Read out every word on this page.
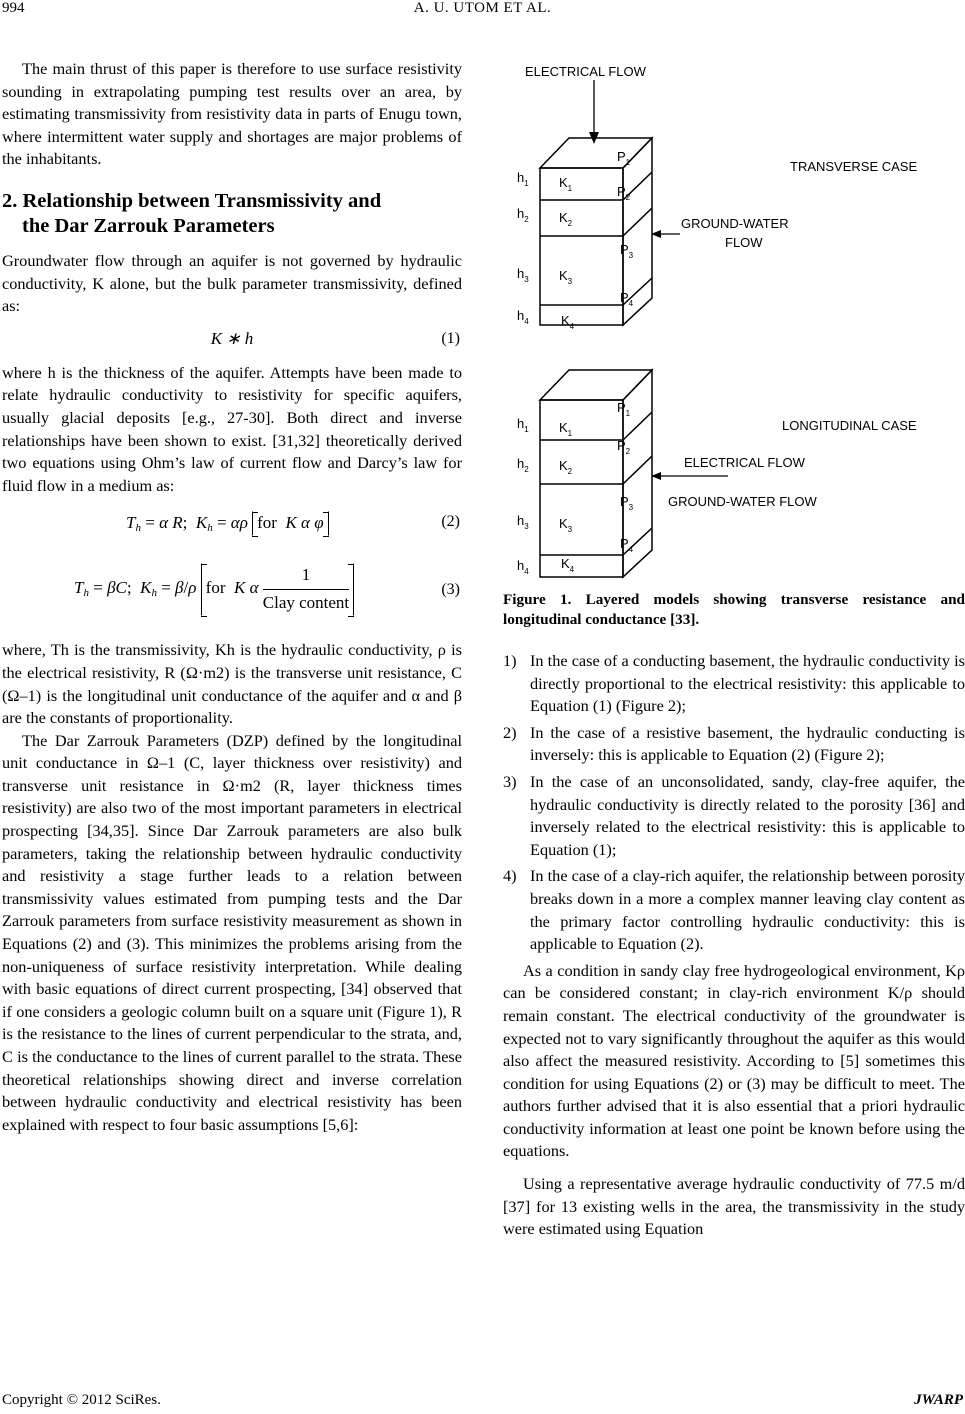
994	A. U. UTOM ET AL.

The main thrust of this paper is therefore to use surface resistivity sounding in extrapolating pumping test results over an area, by estimating transmissivity from resistivity data in parts of Enugu town, where intermittent water supply and shortages are major problems of the inhabitants.

2. Relationship between Transmissivity and
the Dar Zarrouk Parameters

Groundwater flow through an aquifer is not governed by hydraulic conductivity, K alone, but the bulk parameter transmissivity, defined as:

K ∗ h	(1)

where h is the thickness of the aquifer. Attempts have been made to relate hydraulic conductivity to resistivity for specific aquifers, usually glacial deposits [e.g., 27-30]. Both direct and inverse relationships have been shown to exist. [31,32] theoretically derived two equations using Ohm’s law of current flow and Darcy’s law for fluid flow in a medium as:

$T_h = \alpha$ R;  $K_h = \alpha\rho$ for  K α φ	(2)
$T_h = \beta C$;  $K_h = \beta/\rho$ for  K α $\frac{1}{\text{Clay content}}$	(3)

where, Th is the transmissivity, Kh is the hydraulic conductivity, ρ is the electrical resistivity, R (Ω·m2) is the transverse unit resistance, C (Ω–1) is the longitudinal unit conductance of the aquifer and α and β are the constants of proportionality.

The Dar Zarrouk Parameters (DZP) defined by the longitudinal unit conductance in Ω–1 (C, layer thickness over resistivity) and transverse unit resistance in Ω·m2 (R, layer thickness times resistivity) are also two of the most important parameters in electrical prospecting [34,35]. Since Dar Zarrouk parameters are also bulk parameters, taking the relationship between hydraulic conductivity and resistivity a stage further leads to a relation between transmissivity values estimated from pumping tests and the Dar Zarrouk parameters from surface resistivity measurement as shown in Equations (2) and (3). This minimizes the problems arising from the non-uniqueness of surface resistivity interpretation. While dealing with basic equations of direct current prospecting, [34] observed that if one considers a geologic column built on a square unit (Figure 1), R is the resistance to the lines of current perpendicular to the strata, and, C is the conductance to the lines of current parallel to the strata. These theoretical relationships showing direct and inverse correlation between hydraulic conductivity and electrical resistivity has been explained with respect to four basic assumptions [5,6]:

ELECTRICAL FLOW
$h_1$
$h_2$
$h_3$
$h_4$
$K_1$
$K_2$
$K_3$
$K_4$
$P_1$
$P_2$
$P_3$
$P_4$
TRANSVERSE CASE
GROUND-WATER
FLOW
$h_1$
$h_2$
$h_3$
$h_4$
$K_1$
$K_2$
$K_3$
$K_4$
$P_1$
$P_2$
$P_3$
$P_4$
LONGITUDINAL CASE
ELECTRICAL FLOW
GROUND-WATER FLOW
Figure 1. Layered models showing transverse resistance and longitudinal conductance [33].
1) In the case of a conducting basement, the hydraulic conductivity is directly proportional to the electrical resistivity: this applicable to Equation (1) (Figure 2);
2) In the case of a resistive basement, the hydraulic conducting is inversely: this is applicable to Equation (2) (Figure 2);
3) In the case of an unconsolidated, sandy, clay-free aquifer, the hydraulic conductivity is directly related to the porosity [36] and inversely related to the electrical resistivity: this is applicable to Equation (1);
4) In the case of a clay-rich aquifer, the relationship between porosity breaks down in a more a complex manner leaving clay content as the primary factor controlling hydraulic conductivity: this is applicable to Equation (2).

As a condition in sandy clay free hydrogeological environment, Kρ can be considered constant; in clay-rich environment K/ρ should remain constant. The electrical conductivity of the groundwater is expected not to vary significantly throughout the aquifer as this would also affect the measured resistivity. According to [5] sometimes this condition for using Equations (2) or (3) may be difficult to meet. The authors further advised that it is also essential that a priori hydraulic conductivity information at least one point be known before using the equations.

Using a representative average hydraulic conductivity of 77.5 m/d [37] for 13 existing wells in the area, the transmissivity in the study were estimated using Equation

Copyright © 2012 SciRes.	JWARP
